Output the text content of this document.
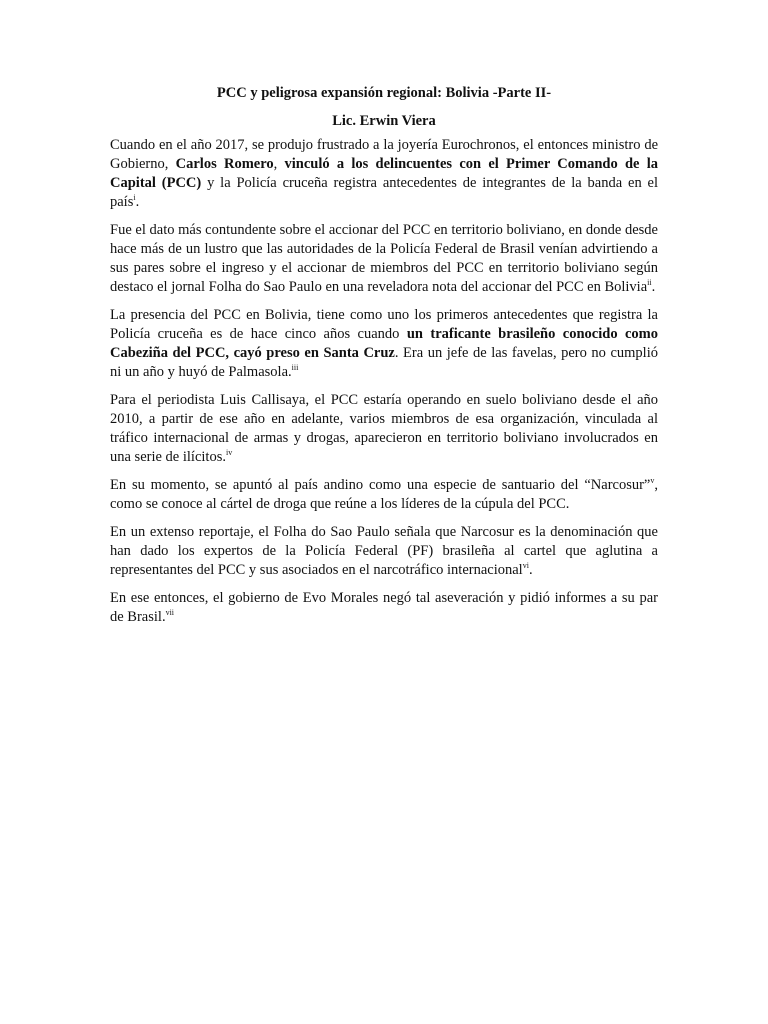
PCC y peligrosa expansión regional: Bolivia -Parte II-
Lic. Erwin Viera

Cuando en el año 2017, se produjo frustrado a la joyería Eurochronos, el entonces ministro de Gobierno, Carlos Romero, vinculó a los delincuentes con el Primer Comando de la Capital (PCC) y la Policía cruceña registra antecedentes de integrantes de la banda en el país$^i$.

Fue el dato más contundente sobre el accionar del PCC en territorio boliviano, en donde desde hace más de un lustro que las autoridades de la Policía Federal de Brasil venían advirtiendo a sus pares sobre el ingreso y el accionar de miembros del PCC en territorio boliviano según destaco el jornal Folha do Sao Paulo en una reveladora nota del accionar del PCC en Bolivia$^{ii}$.

La presencia del PCC en Bolivia, tiene como uno los primeros antecedentes que registra la Policía cruceña es de hace cinco años cuando un traficante brasileño conocido como Cabeziña del PCC, cayó preso en Santa Cruz. Era un jefe de las favelas, pero no cumplió ni un año y huyó de Palmasola.$^{iii}$

Para el periodista Luis Callisaya, el PCC estaría operando en suelo boliviano desde el año 2010, a partir de ese año en adelante, varios miembros de esa organización, vinculada al tráfico internacional de armas y drogas, aparecieron en territorio boliviano involucrados en una serie de ilícitos.$^{iv}$

En su momento, se apuntó al país andino como una especie de santuario del “Narcosur”$^v$, como se conoce al cártel de droga que reúne a los líderes de la cúpula del PCC.

En un extenso reportaje, el Folha do Sao Paulo señala que Narcosur es la denominación que han dado los expertos de la Policía Federal (PF) brasileña al cartel que aglutina a representantes del PCC y sus asociados en el narcotráfico internacional$^{vi}$.

En ese entonces, el gobierno de Evo Morales negó tal aseveración y pidió informes a su par de Brasil.$^{vii}$
